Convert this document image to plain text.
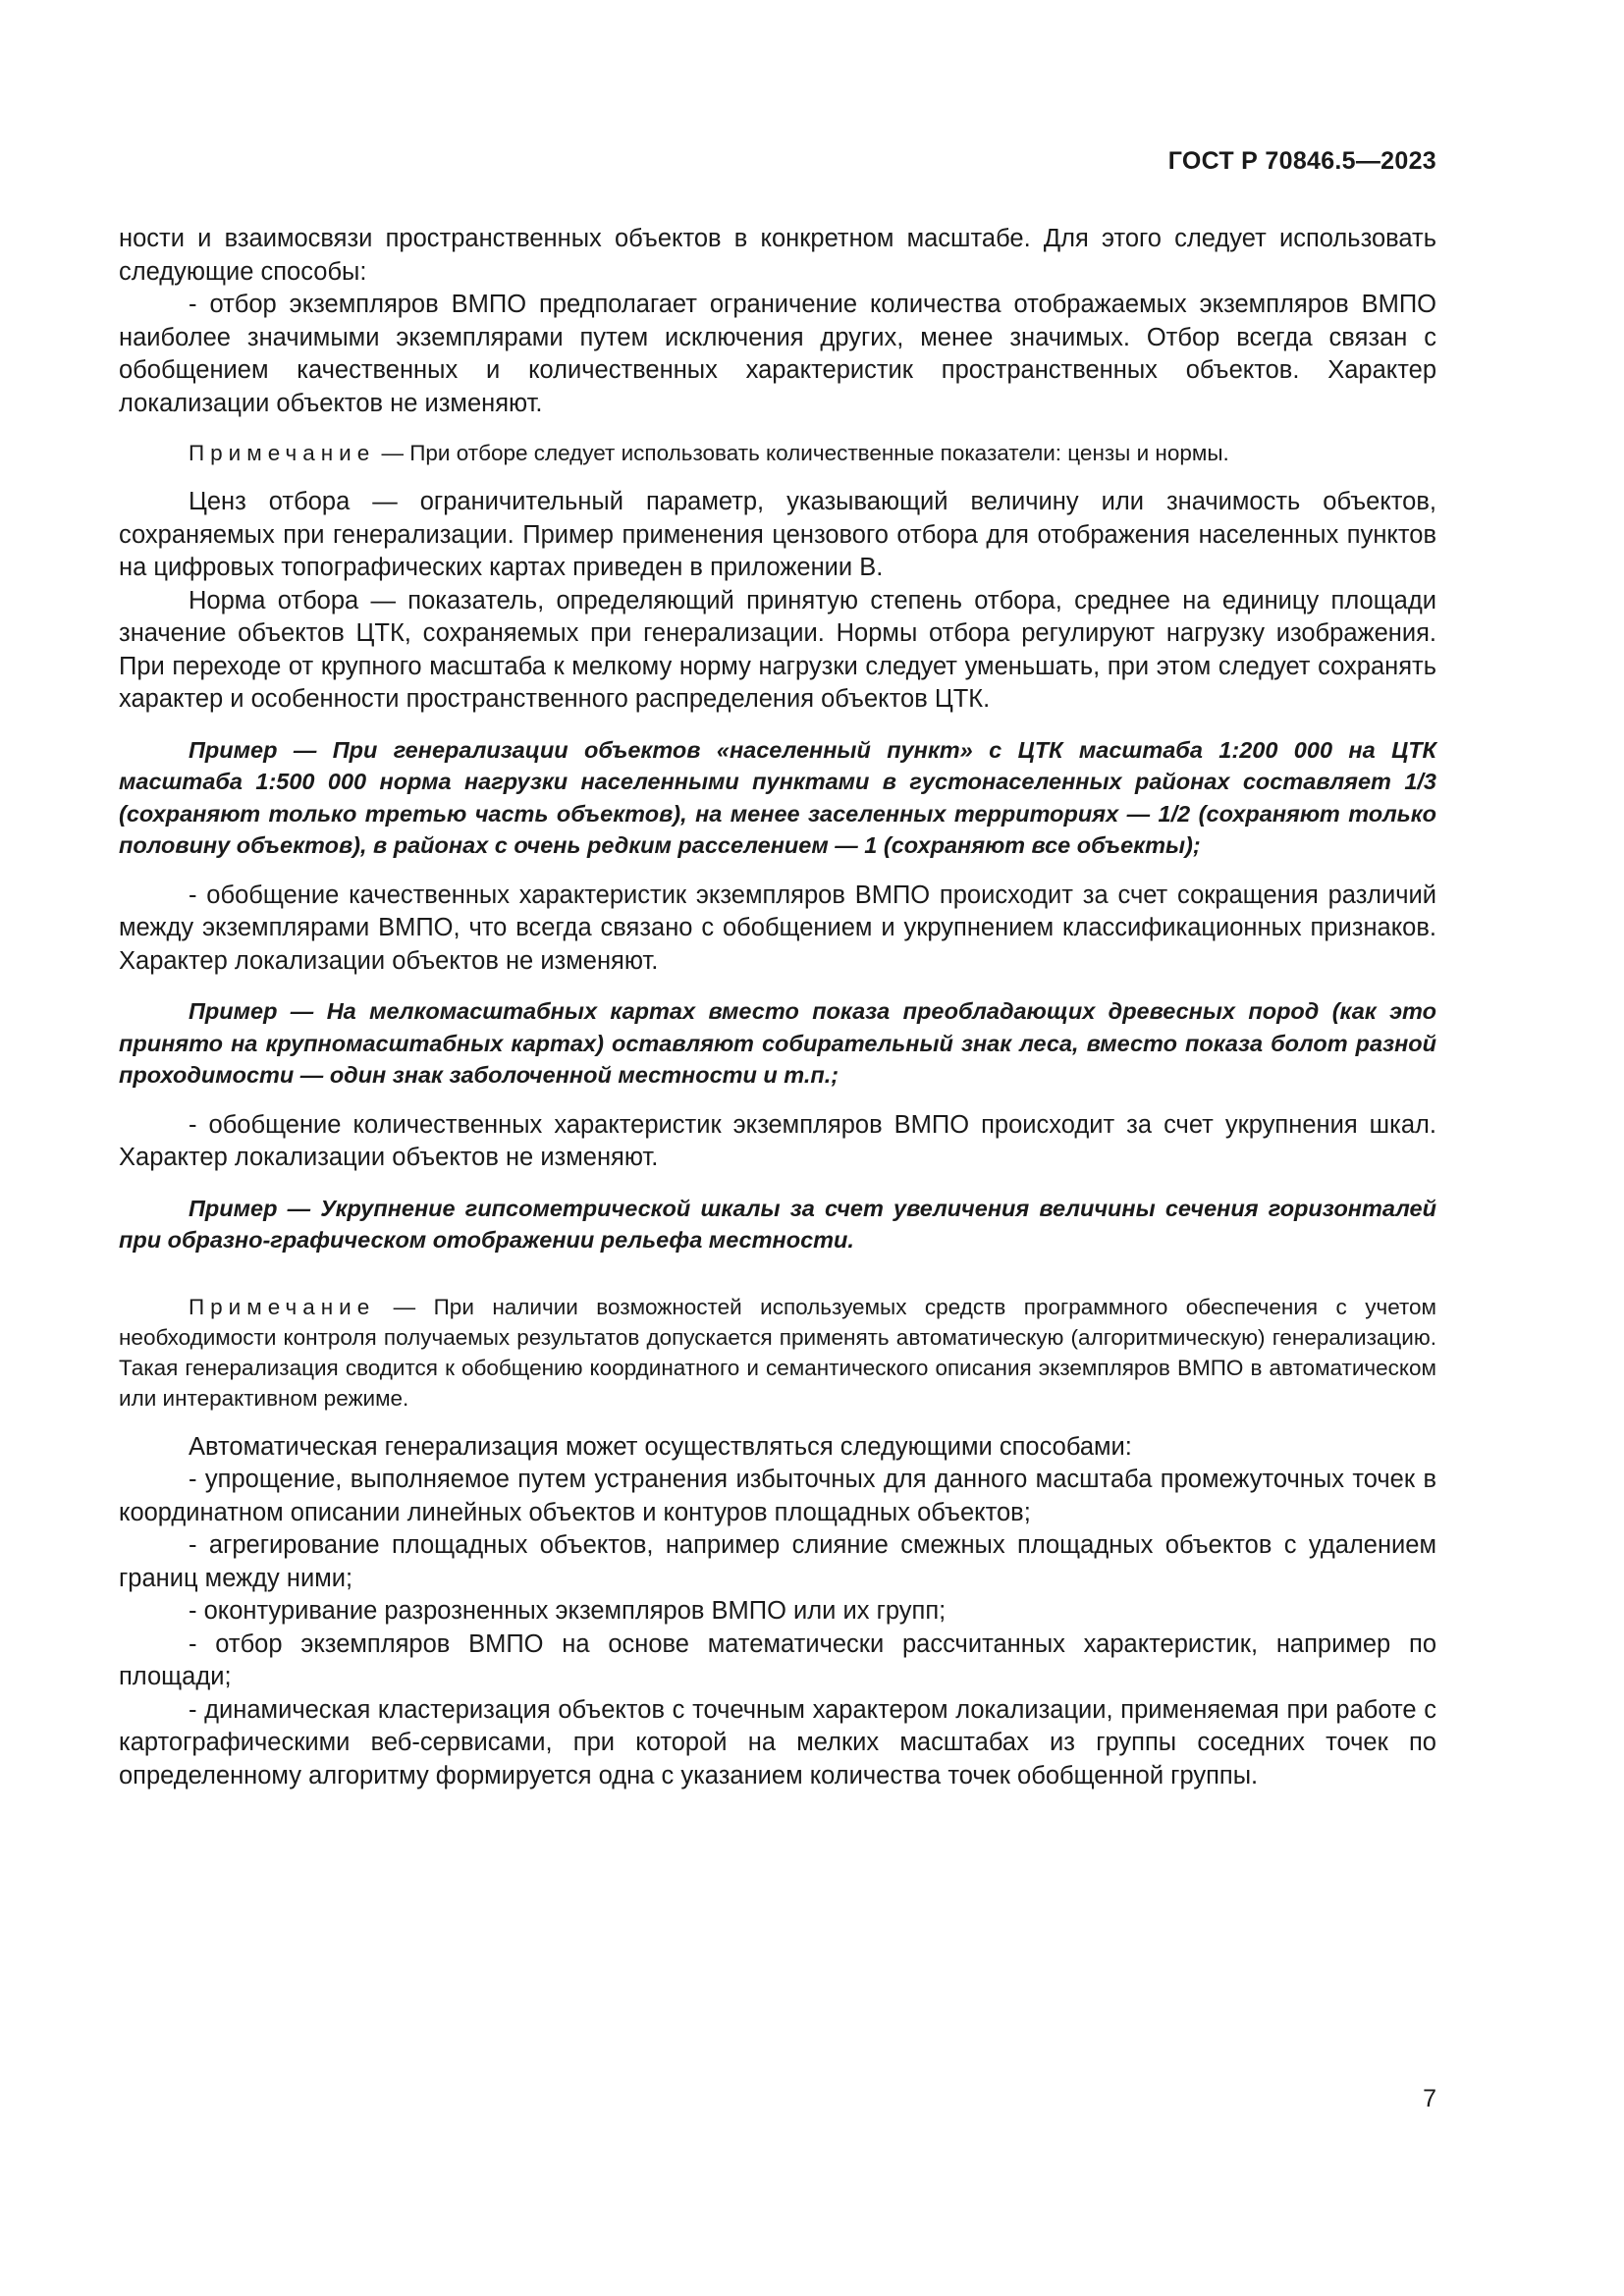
ГОСТ Р 70846.5—2023

ности и взаимосвязи пространственных объектов в конкретном масштабе. Для этого следует использовать следующие способы:

- отбор экземпляров ВМПО предполагает ограничение количества отображаемых экземпляров ВМПО наиболее значимыми экземплярами путем исключения других, менее значимых. Отбор всегда связан с обобщением качественных и количественных характеристик пространственных объектов. Характер локализации объектов не изменяют.

Примечание — При отборе следует использовать количественные показатели: цензы и нормы.

Ценз отбора — ограничительный параметр, указывающий величину или значимость объектов, сохраняемых при генерализации. Пример применения цензового отбора для отображения населенных пунктов на цифровых топографических картах приведен в приложении В.

Норма отбора — показатель, определяющий принятую степень отбора, среднее на единицу площади значение объектов ЦТК, сохраняемых при генерализации. Нормы отбора регулируют нагрузку изображения. При переходе от крупного масштаба к мелкому норму нагрузки следует уменьшать, при этом следует сохранять характер и особенности пространственного распределения объектов ЦТК.

Пример — При генерализации объектов «населенный пункт» с ЦТК масштаба 1:200 000 на ЦТК масштаба 1:500 000 норма нагрузки населенными пунктами в густонаселенных районах составляет 1/3 (сохраняют только третью часть объектов), на менее заселенных территориях — 1/2 (сохраняют только половину объектов), в районах с очень редким расселением — 1 (сохраняют все объекты);

- обобщение качественных характеристик экземпляров ВМПО происходит за счет сокращения различий между экземплярами ВМПО, что всегда связано с обобщением и укрупнением классификационных признаков. Характер локализации объектов не изменяют.

Пример — На мелкомасштабных картах вместо показа преобладающих древесных пород (как это принято на крупномасштабных картах) оставляют собирательный знак леса, вместо показа болот разной проходимости — один знак заболоченной местности и т.п.;

- обобщение количественных характеристик экземпляров ВМПО происходит за счет укрупнения шкал. Характер локализации объектов не изменяют.

Пример — Укрупнение гипсометрической шкалы за счет увеличения величины сечения горизонталей при образно-графическом отображении рельефа местности.

Примечание — При наличии возможностей используемых средств программного обеспечения с учетом необходимости контроля получаемых результатов допускается применять автоматическую (алгоритмическую) генерализацию. Такая генерализация сводится к обобщению координатного и семантического описания экземпляров ВМПО в автоматическом или интерактивном режиме.

Автоматическая генерализация может осуществляться следующими способами:

- упрощение, выполняемое путем устранения избыточных для данного масштаба промежуточных точек в координатном описании линейных объектов и контуров площадных объектов;

- агрегирование площадных объектов, например слияние смежных площадных объектов с удалением границ между ними;

- оконтуривание разрозненных экземпляров ВМПО или их групп;

- отбор экземпляров ВМПО на основе математически рассчитанных характеристик, например по площади;

- динамическая кластеризация объектов с точечным характером локализации, применяемая при работе с картографическими веб-сервисами, при которой на мелких масштабах из группы соседних точек по определенному алгоритму формируется одна с указанием количества точек обобщенной группы.

7
